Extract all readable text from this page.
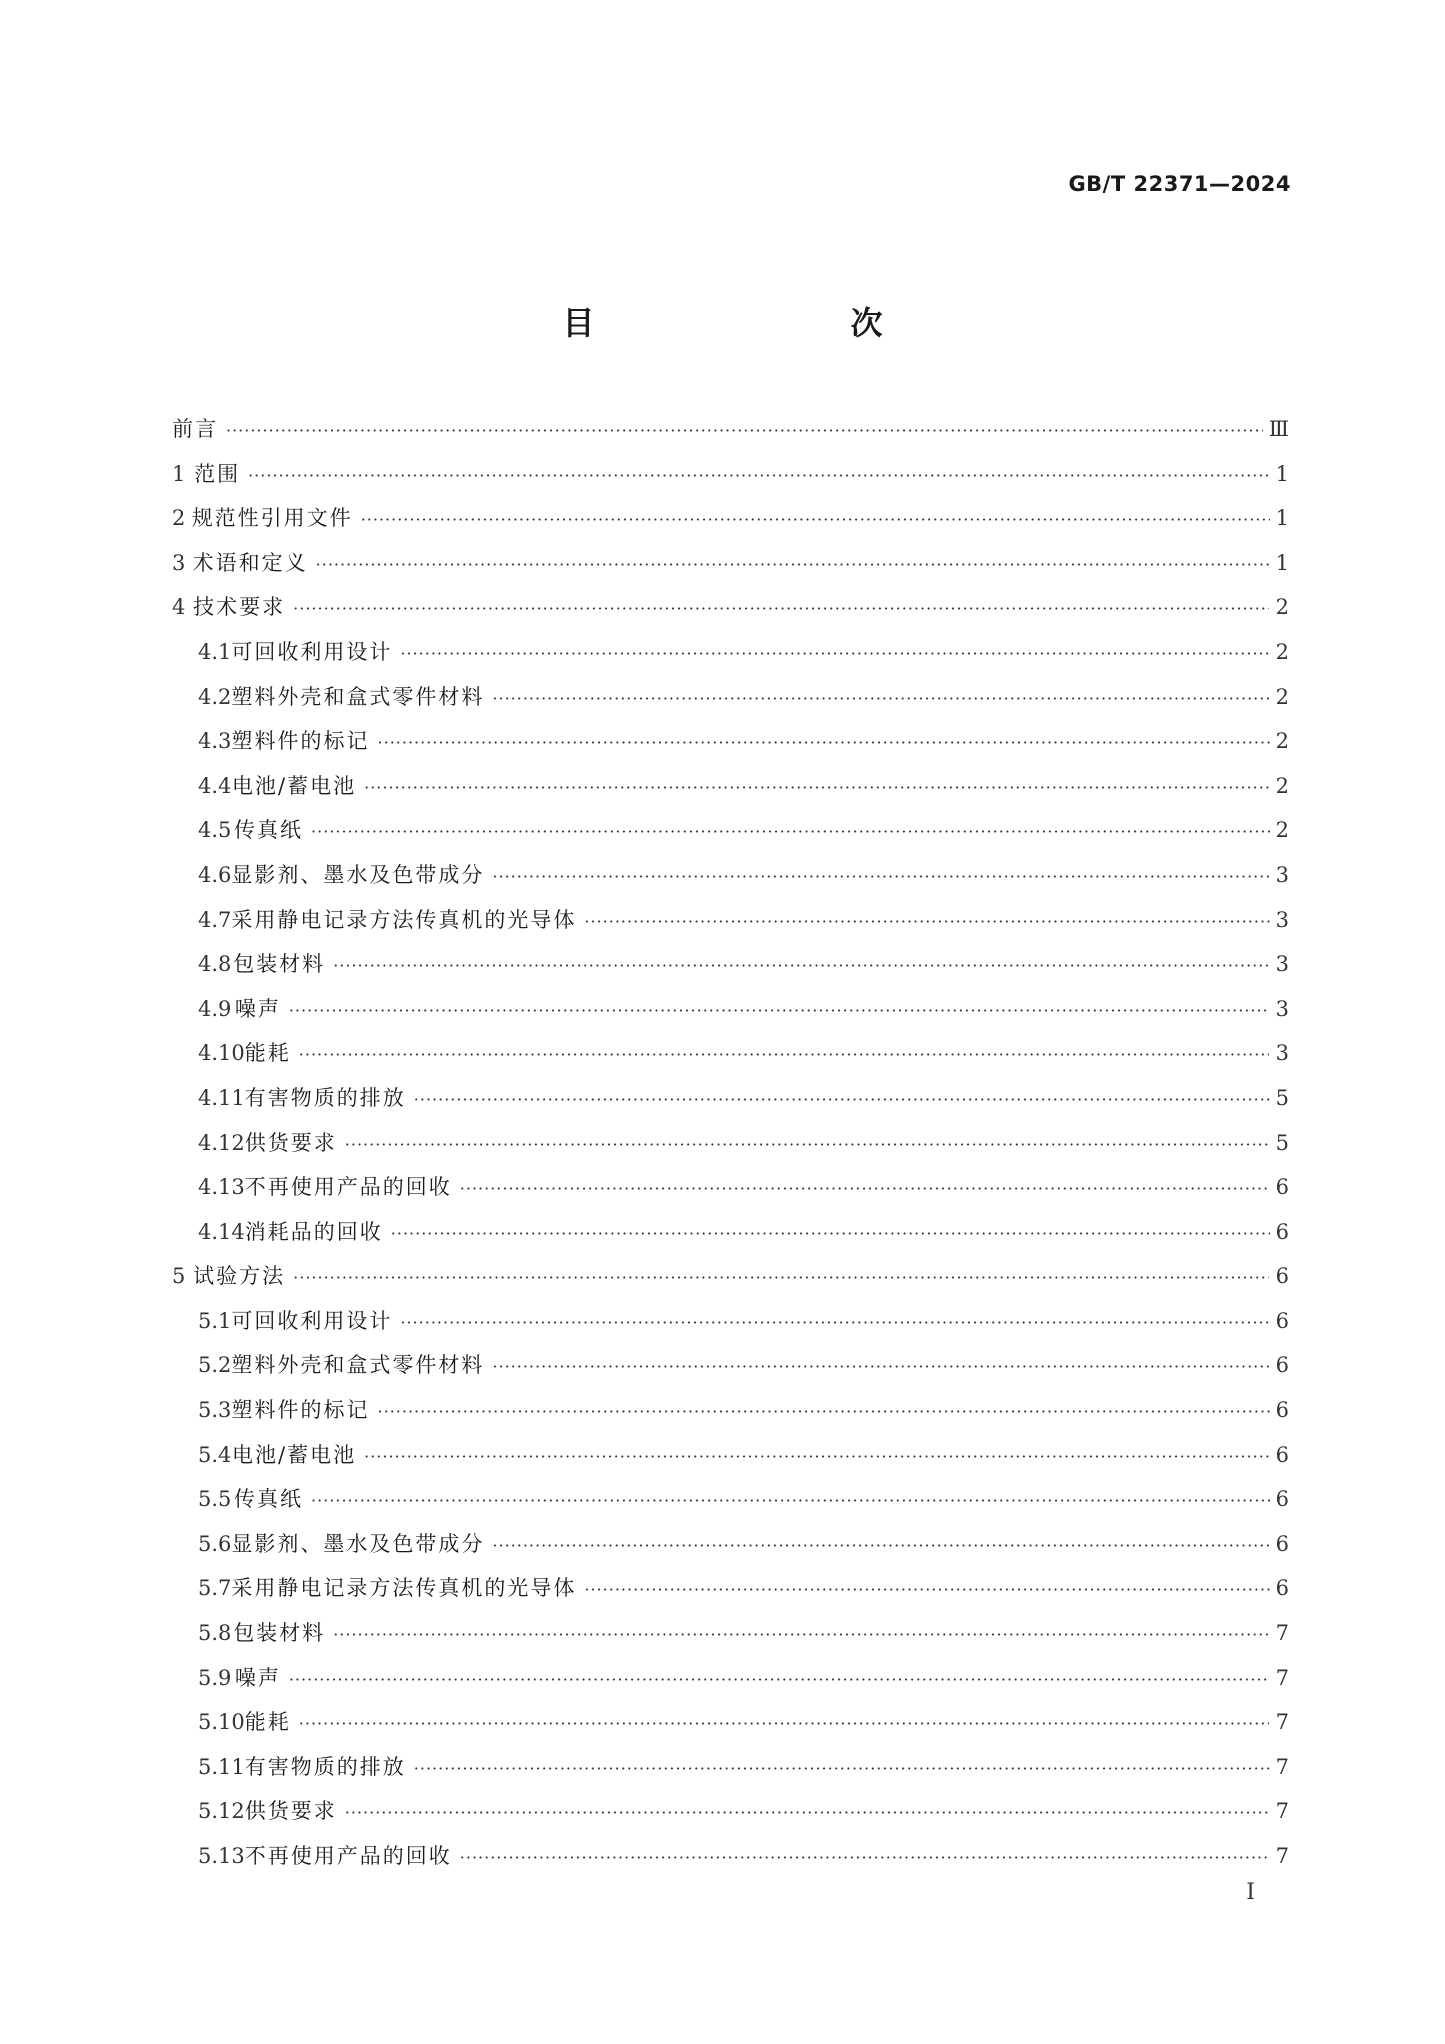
GB/T 22371—2024
目　　次
前言 ·····	Ⅲ
1 范围 ·····	1
2 规范性引用文件 ·····	1
3 术语和定义 ·····	1
4 技术要求 ·····	2
4.1 可回收利用设计 ·····	2
4.2 塑料外壳和盒式零件材料 ·····	2
4.3 塑料件的标记 ·····	2
4.4 电池/蓄电池 ·····	2
4.5 传真纸 ·····	2
4.6 显影剂、墨水及色带成分 ·····	3
4.7 采用静电记录方法传真机的光导体 ·····	3
4.8 包装材料 ·····	3
4.9 噪声 ·····	3
4.10 能耗 ·····	3
4.11 有害物质的排放 ·····	5
4.12 供货要求 ·····	5
4.13 不再使用产品的回收 ·····	6
4.14 消耗品的回收 ·····	6
5 试验方法 ·····	6
5.1 可回收利用设计 ·····	6
5.2 塑料外壳和盒式零件材料 ·····	6
5.3 塑料件的标记 ·····	6
5.4 电池/蓄电池 ·····	6
5.5 传真纸 ·····	6
5.6 显影剂、墨水及色带成分 ·····	6
5.7 采用静电记录方法传真机的光导体 ·····	6
5.8 包装材料 ·····	7
5.9 噪声 ·····	7
5.10 能耗 ·····	7
5.11 有害物质的排放 ·····	7
5.12 供货要求 ·····	7
5.13 不再使用产品的回收 ·····	7
I
